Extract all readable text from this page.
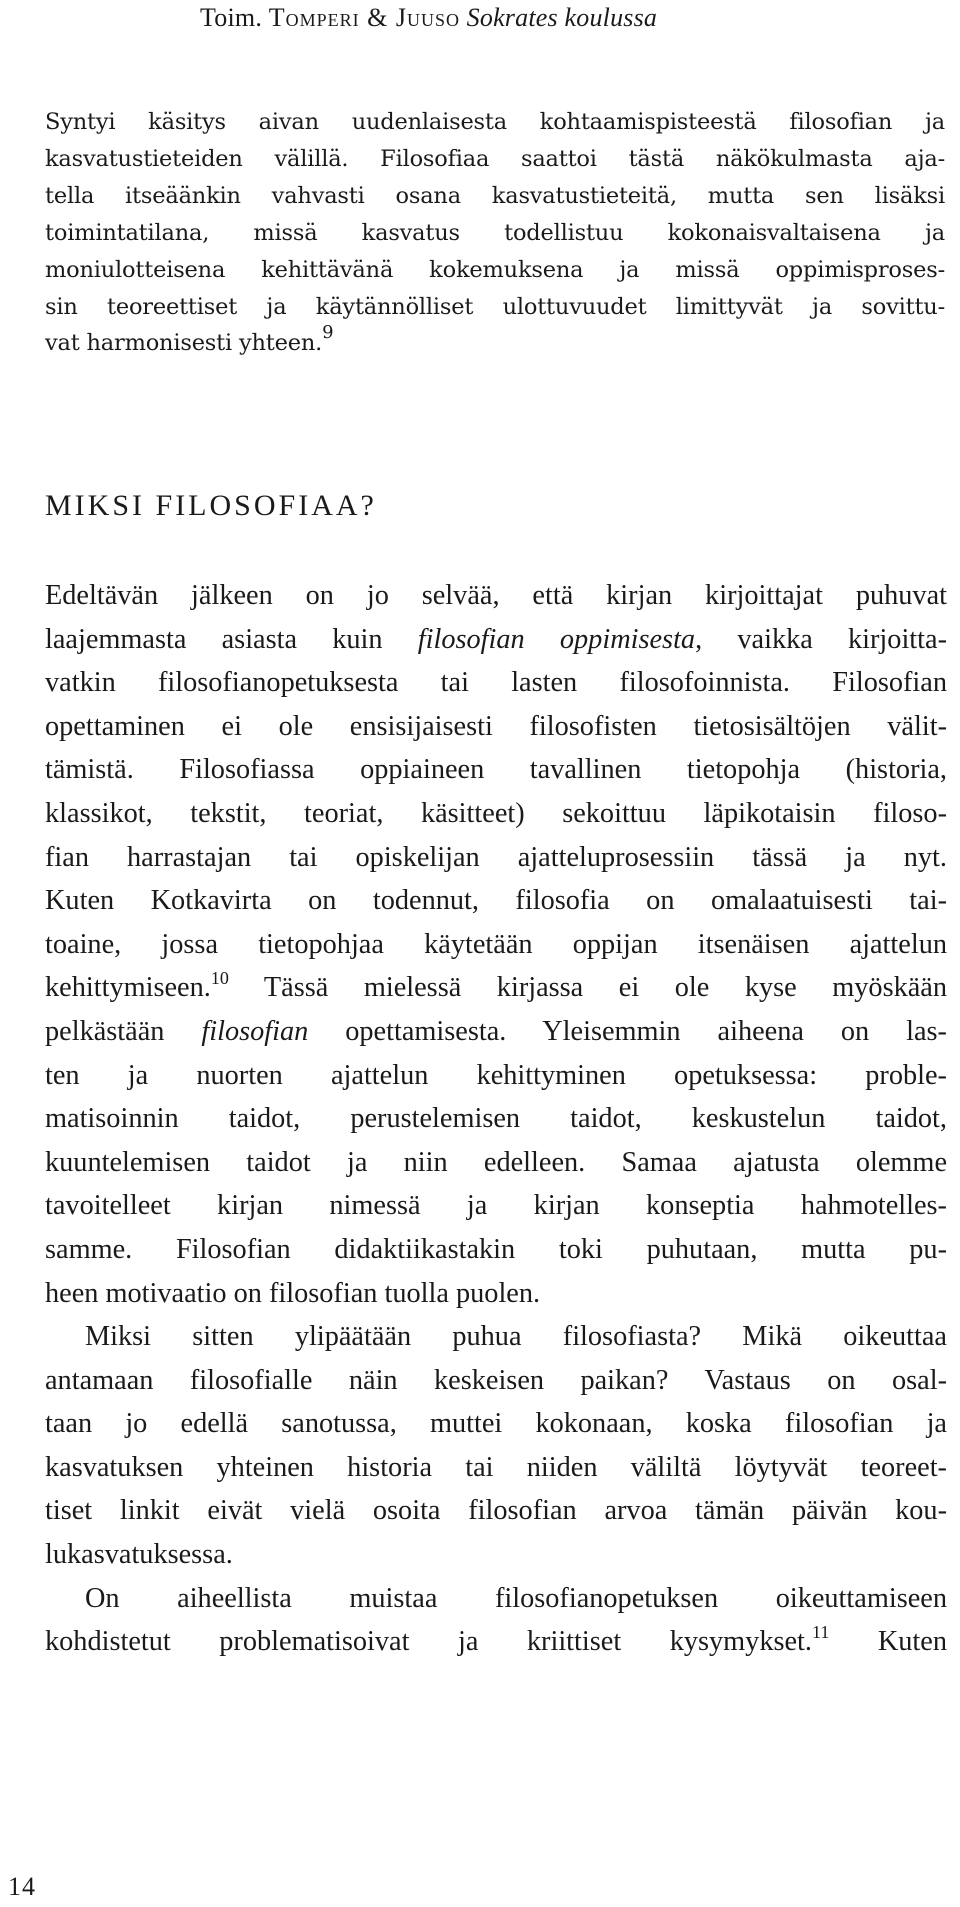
Toim. Tomperi & Juuso Sokrates koulussa
Syntyi käsitys aivan uudenlaisesta kohtaamispisteestä filosofian ja
kasvatustieteiden välillä. Filosofiaa saattoi tästä näkökulmasta aja-
tella itseäänkin vahvasti osana kasvatustieteitä, mutta sen lisäksi
toimintatilana, missä kasvatus todellistuu kokonaisvaltaisena ja
moniulotteisena kehittävänä kokemuksena ja missä oppimisproses-
sin teoreettiset ja käytännölliset ulottuvuudet limittyvät ja sovittu-
vat harmonisesti yhteen.$^9$
MIKSI FILOSOFIAA?
Edeltävän jälkeen on jo selvää, että kirjan kirjoittajat puhuvat
laajemmasta asiasta kuin filosofian oppimisesta, vaikka kirjoitta-
vatkin filosofianopetuksesta tai lasten filosofoinnista. Filosofian
opettaminen ei ole ensisijaisesti filosofisten tietosisältöjen välit-
tämistä. Filosofiassa oppiaineen tavallinen tietopohja (historia,
klassikot, tekstit, teoriat, käsitteet) sekoittuu läpikotaisin filoso-
fian harrastajan tai opiskelijan ajatteluprosessiin tässä ja nyt.
Kuten Kotkavirta on todennut, filosofia on omalaatuisesti tai-
toaine, jossa tietopohjaa käytetään oppijan itsenäisen ajattelun
kehittymiseen.$^{10}$ Tässä mielessä kirjassa ei ole kyse myöskään
pelkästään filosofian opettamisesta. Yleisemmin aiheena on las-
ten ja nuorten ajattelun kehittyminen opetuksessa: proble-
matisoinnin taidot, perustelemisen taidot, keskustelun taidot,
kuuntelemisen taidot ja niin edelleen. Samaa ajatusta olemme
tavoitelleet kirjan nimessä ja kirjan konseptia hahmotelles-
samme. Filosofian didaktiikastakin toki puhutaan, mutta pu-
heen motivaatio on filosofian tuolla puolen.
Miksi sitten ylipäätään puhua filosofiasta? Mikä oikeuttaa
antamaan filosofialle näin keskeisen paikan? Vastaus on osal-
taan jo edellä sanotussa, muttei kokonaan, koska filosofian ja
kasvatuksen yhteinen historia tai niiden väliltä löytyvät teoreet-
tiset linkit eivät vielä osoita filosofian arvoa tämän päivän kou-
lukasvatuksessa.
On aiheellista muistaa filosofianopetuksen oikeuttamiseen
kohdistetut problematisoivat ja kriittiset kysymykset.$^{11}$ Kuten
14
